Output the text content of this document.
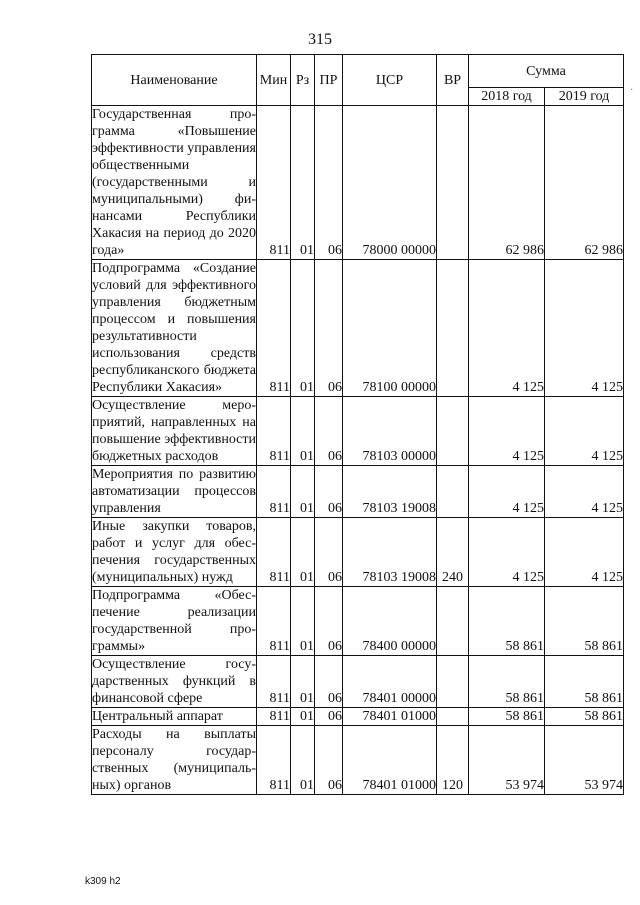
315
Наименование	Мин	Рз	ПР	ЦСР	ВР	Сумма	
						2018 год	2019 год
Государственная программа «Повышение эффективности управления общественными (государственными и муниципальными) финансами Республики Хакасия на период до 2020 года»	811	01	06	78000 00000		62 986	62 986
Подпрограмма «Создание условий для эффективного управления бюджетным процессом и повышения результативности использования средств республиканского бюджета Республики Хакасия»	811	01	06	78100 00000		4 125	4 125
Осуществление мероприятий, направленных на повышение эффективности бюджетных расходов	811	01	06	78103 00000		4 125	4 125
Мероприятия по развитию автоматизации процессов управления	811	01	06	78103 19008		4 125	4 125
Иные закупки товаров, работ и услуг для обеспечения государственных (муниципальных) нужд	811	01	06	78103 19008	240	4 125	4 125
Подпрограмма «Обеспечение реализации государственной программы»	811	01	06	78400 00000		58 861	58 861
Осуществление государственных функций в финансовой сфере	811	01	06	78401 00000		58 861	58 861
Центральный аппарат	811	01	06	78401 01000		58 861	58 861
Расходы на выплаты персоналу государственных (муниципальных) органов	811	01	06	78401 01000	120	53 974	53 974
k309 h2
·
